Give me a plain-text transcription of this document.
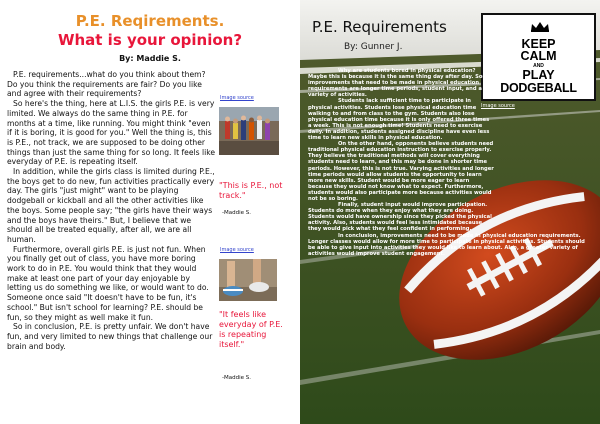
P.E. Reqirements.
What is your opinion?
By: Maddie S.

P.E. requirements...what do you think about them? Do you think the requirements are fair? Do you like and agree with their requirements?

So here's the thing, here at L.I.S. the girls P.E. is very limited. We always do the same thing in P.E. for months at a time, like running. You might think "even if it is boring, it is good for you." Well the thing is, this is P.E., not track, we are supposed to be doing other things than just the same thing for so long. It feels like everyday of P.E. is repeating itself.

In addition, while the girls class is limited during P.E., the boys get to do new, fun activities practically every day. The girls "just might" want to be playing dodgeball or kickball and all the other activities like the boys. Some people say; "the girls have their ways and the boys have theirs." But, I believe that we should all be treated equally, after all, we are all human.

Furthermore, overall girls P.E. is just not fun. When you finally get out of class, you have more boring work to do in P.E. You would think that they would make at least one part of your day enjoyable by letting us do something we like, or would want to do. Someone once said "It doesn't have to be fun, it's school." But isn't school for learning? P.E. should be fun, so they might as well make it fun.

So in conclusion, P.E. is pretty unfair. We don't have fun, and very limited to new things that challenge our brain and body.

Image source
"This is P.E., not track."
-Maddie S.
Image source
"It feels like everyday of P.E. is repeating itself."
-Maddie S.
P.E. Requirements
By: Gunner J.	KEEP
CALM
AND
PLAY
DODGEBALL
Image source

Why are students bored in physical education? Maybe this is because it is the same thing day after day. Some improvements that need to be made in physical education requirements are longer time periods, student input, and a variety of activities.

Students lack sufficient time to participate in physical activities. Students lose physical education time walking to and from class to the gym. Students also lose physical education time because it is only offered three times a week. This is not enough time! Students need to exercise daily. In addition, students assigned discipline have even less time to learn new skills in physical education.

On the other hand, opponents believe students need traditional physical education instruction to exercise properly. They believe the traditional methods will cover everything students need to learn, and this may be done in shorter time periods. However, this is not true. Varying activities and longer time periods would allow students the opportunity to learn more new skills. Student would be more eager to learn because they would not know what to expect. Furthermore, students would also participate more because activities would not be so boring.

Finally, student input would improve participation. Students do more when they enjoy what they are doing. Students would have ownership since they picked the physical activity. Also, students would feel less intimidated because they would pick what they feel confident in performing.

In conclusion, improvements need to be made in physical education requirements. Longer classes would allow for more time to participate in physical activities. Students should be able to give input into activities they would like to learn about. Also, a greater variety of activities would improve student engagement.
